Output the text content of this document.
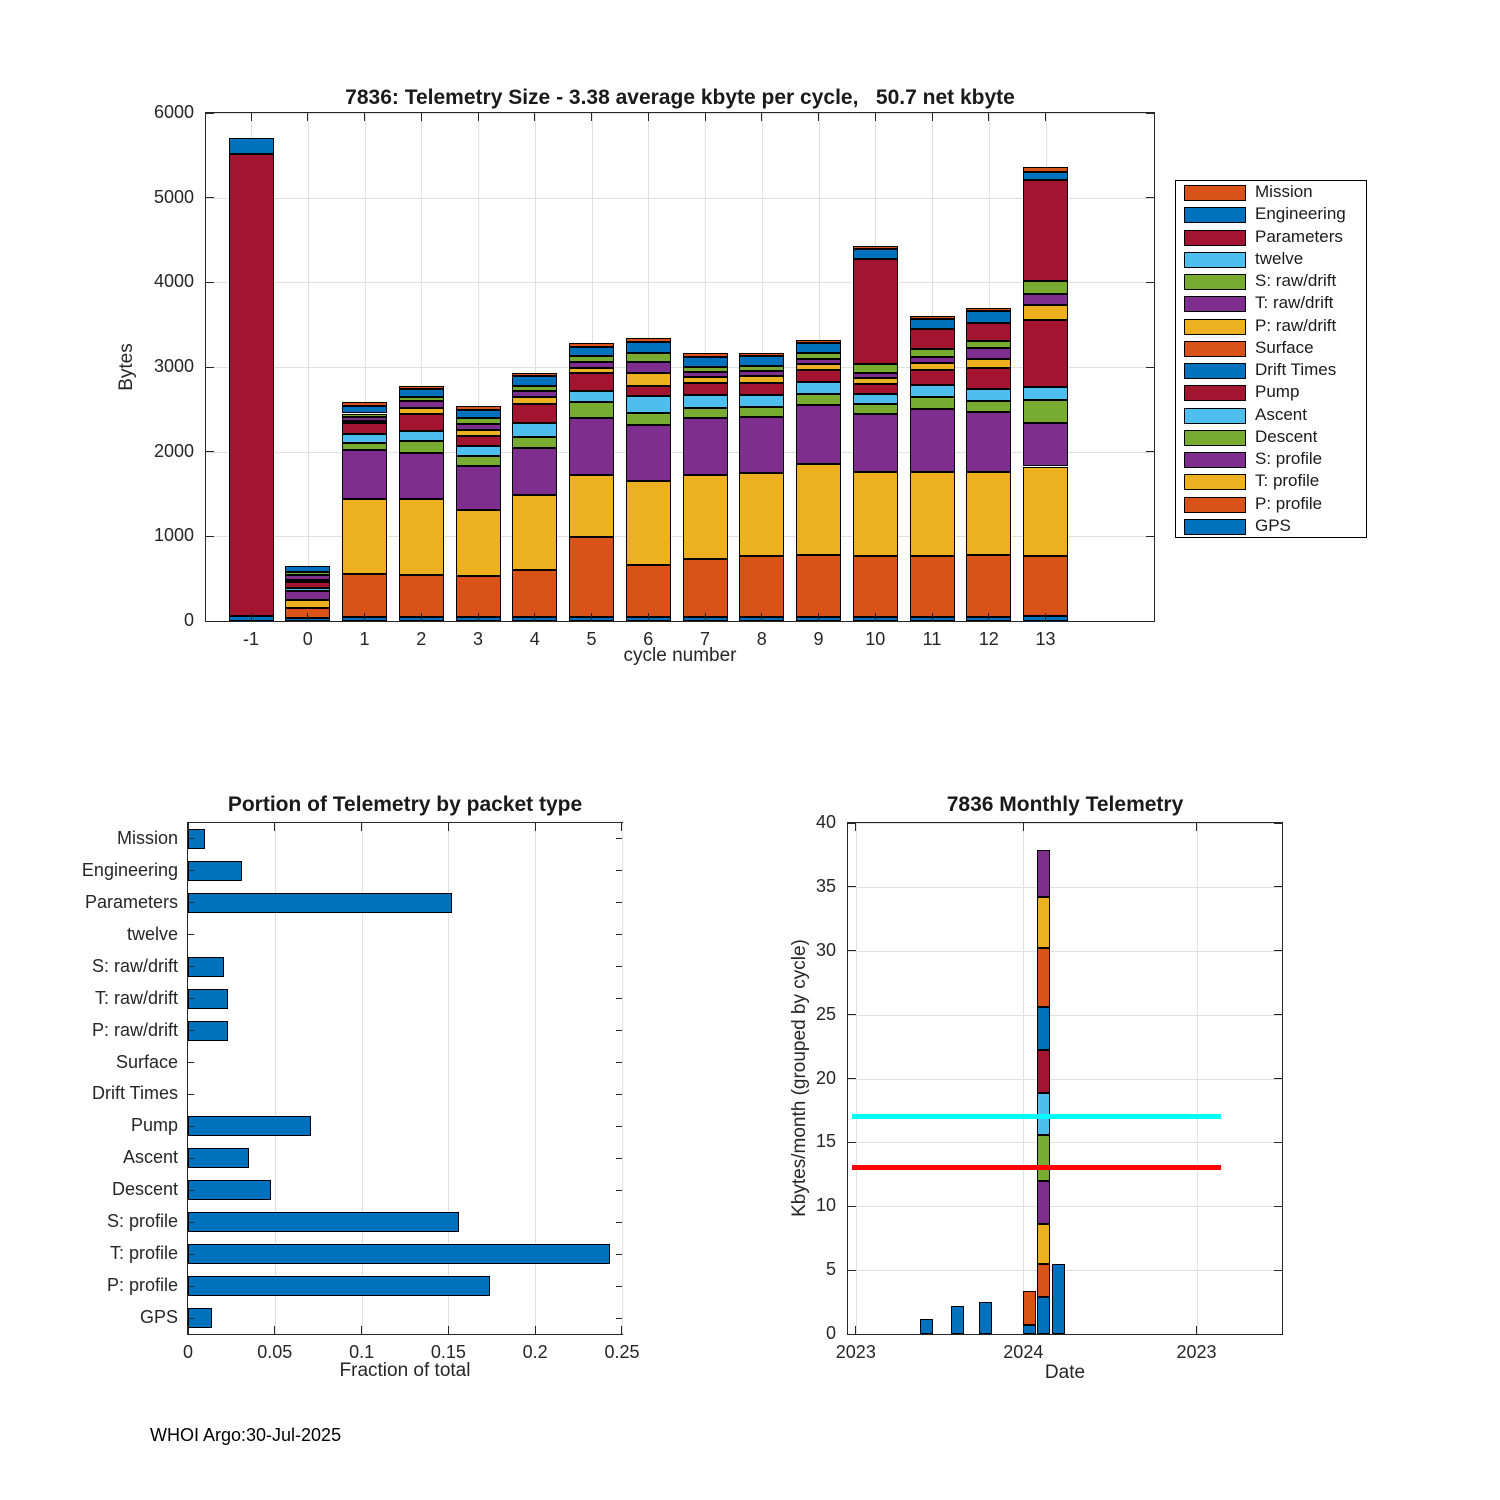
7836: Telemetry Size - 3.38 average kbyte per cycle,   50.7 net kbyte
Bytes
cycle number
0
1000
2000
3000
4000
5000
6000
-1	0	1	2	3	4	5	6	7	8	9	10	11	12	13
Mission
Engineering
Parameters
twelve
S: raw/drift
T: raw/drift
P: raw/drift
Surface
Drift Times
Pump
Ascent
Descent
S: profile
T: profile
P: profile
GPS
Portion of Telemetry by packet type
Fraction of total
Mission
Engineering
Parameters
twelve
S: raw/drift
T: raw/drift
P: raw/drift
Surface
Drift Times
Pump
Ascent
Descent
S: profile
T: profile
P: profile
GPS
0	0.05	0.1	0.15	0.2	0.25
7836 Monthly Telemetry
Kbytes/month (grouped by cycle)
Date
0
5
10
15
20
25
30
35
40
2023	2024	2023
WHOI Argo:30-Jul-2025
